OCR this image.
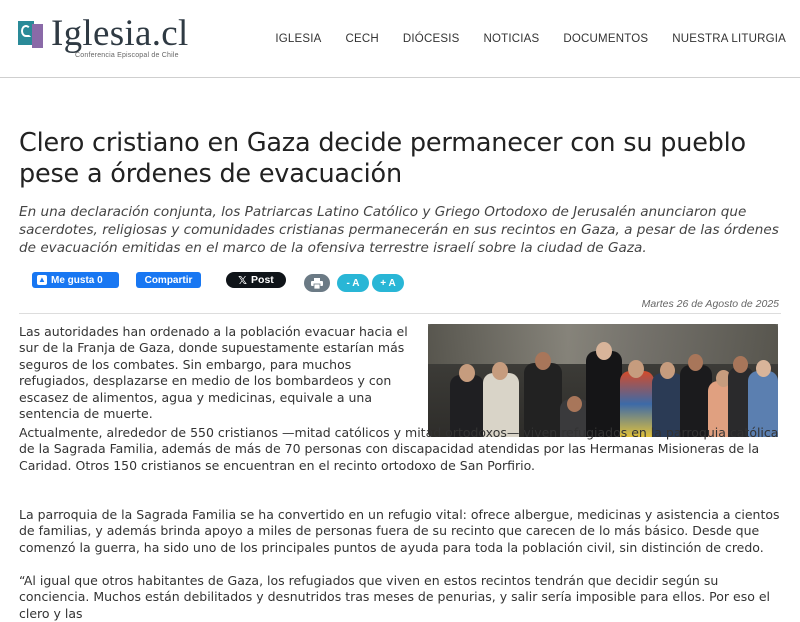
Iglesia.cl
Conferencia Episcopal de Chile
IGLESIA CECH DIÓCESIS NOTICIAS DOCUMENTOS NUESTRA LITURGIA
Clero cristiano en Gaza decide permanecer con su pueblo pese a órdenes de evacuación

En una declaración conjunta, los Patriarcas Latino Católico y Griego Ortodoxo de Jerusalén anunciaron que sacerdotes, religiosas y comunidades cristianas permanecerán en sus recintos en Gaza, a pesar de las órdenes de evacuación emitidas en el marco de la ofensiva terrestre israelí sobre la ciudad de Gaza.

▲ Me gusta 0	Compartir	𝕏 Post	- A	+ A
Martes 26 de Agosto de 2025

Las autoridades han ordenado a la población evacuar hacia el sur de la Franja de Gaza, donde supuestamente estarían más seguros de los combates. Sin embargo, para muchos refugiados, desplazarse en medio de los bombardeos y con escasez de alimentos, agua y medicinas, equivale a una sentencia de muerte.

Actualmente, alrededor de 550 cristianos —mitad católicos y mitad ortodoxos— viven refugiados en la parroquia católica de la Sagrada Familia, además de más de 70 personas con discapacidad atendidas por las Hermanas Misioneras de la Caridad. Otros 150 cristianos se encuentran en el recinto ortodoxo de San Porfirio.

La parroquia de la Sagrada Familia se ha convertido en un refugio vital: ofrece albergue, medicinas y asistencia a cientos de familias, y además brinda apoyo a miles de personas fuera de su recinto que carecen de lo más básico. Desde que comenzó la guerra, ha sido uno de los principales puntos de ayuda para toda la población civil, sin distinción de credo.

“Al igual que otros habitantes de Gaza, los refugiados que viven en estos recintos tendrán que decidir según su conciencia. Muchos están debilitados y desnutridos tras meses de penurias, y salir sería imposible para ellos. Por eso el clero y las
